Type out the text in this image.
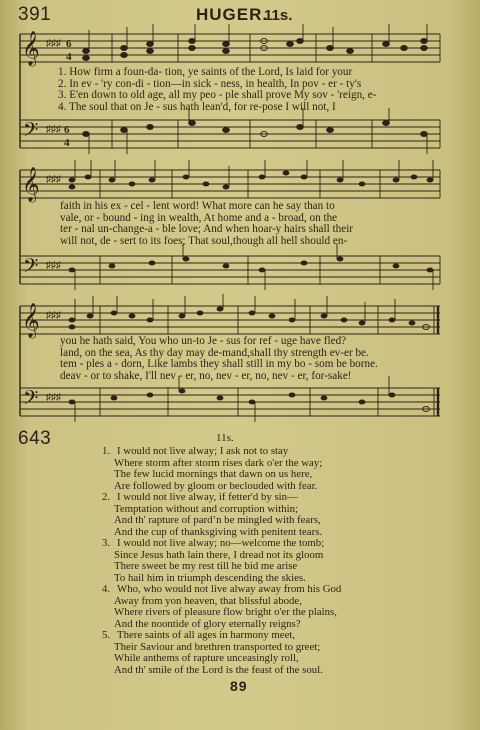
391	HUGER.
11s.
𝄞
𝄢
♯♯♯
♯♯♯
6
4
6
4
1. How firm a foun-da- tion, ye saints of the Lord, Is laid for your
2. In ev - 'ry con-di - tion—in sick - ness, in health, In pov - er - ty's
3. E'en down to old age, all my peo - ple shall prove My sov - 'reign, e-
4. The soul that on Je - sus hath lean'd, for re-pose I will not, I
𝄞
𝄢
♯♯♯
♯♯♯
faith in his ex - cel - lent word! What more can he say than to
vale, or - bound - ing in wealth, At home and a - broad, on the
ter - nal un-change-a - ble love; And when hoar-y hairs shall their
will not, de - sert to its foes; That soul,though all hell should en-
𝄞
𝄢
♯♯♯
♯♯♯
you he hath said, You who un-to Je - sus for ref - uge have fled?
land, on the sea, As thy day may de-mand,shall thy strength ev-er be.
tem - ples a - dorn, Like lambs they shall still in my bo - som be borne.
deav - or to shake, I'll nev - er, no, nev - er, no, nev - er, for-sake!
643	11s.
1. I would not live alway; I ask not to stay
Where storm after storm rises dark o'er the way;
The few lucid mornings that dawn on us here,
Are followed by gloom or beclouded with fear.
2. I would not live alway, if fetter'd by sin—
Temptation without and corruption within;
And th' rapture of pard’n be mingled with fears,
And the cup of thanksgiving with penitent tears.
3. I would not live alway; no—welcome the tomb;
Since Jesus hath lain there, I dread not its gloom
There sweet be my rest till he bid me arise
To hail him in triumph descending the skies.
4. Who, who would not live alway away from his God
Away from yon heaven, that blissful abode,
Where rivers of pleasure flow bright o'er the plains,
And the noontide of glory eternally reigns?
5. There saints of all ages in harmony meet,
Their Saviour and brethren transported to greet;
While anthems of rapture unceasingly roll,
And th' smile of the Lord is the feast of the soul.
89
